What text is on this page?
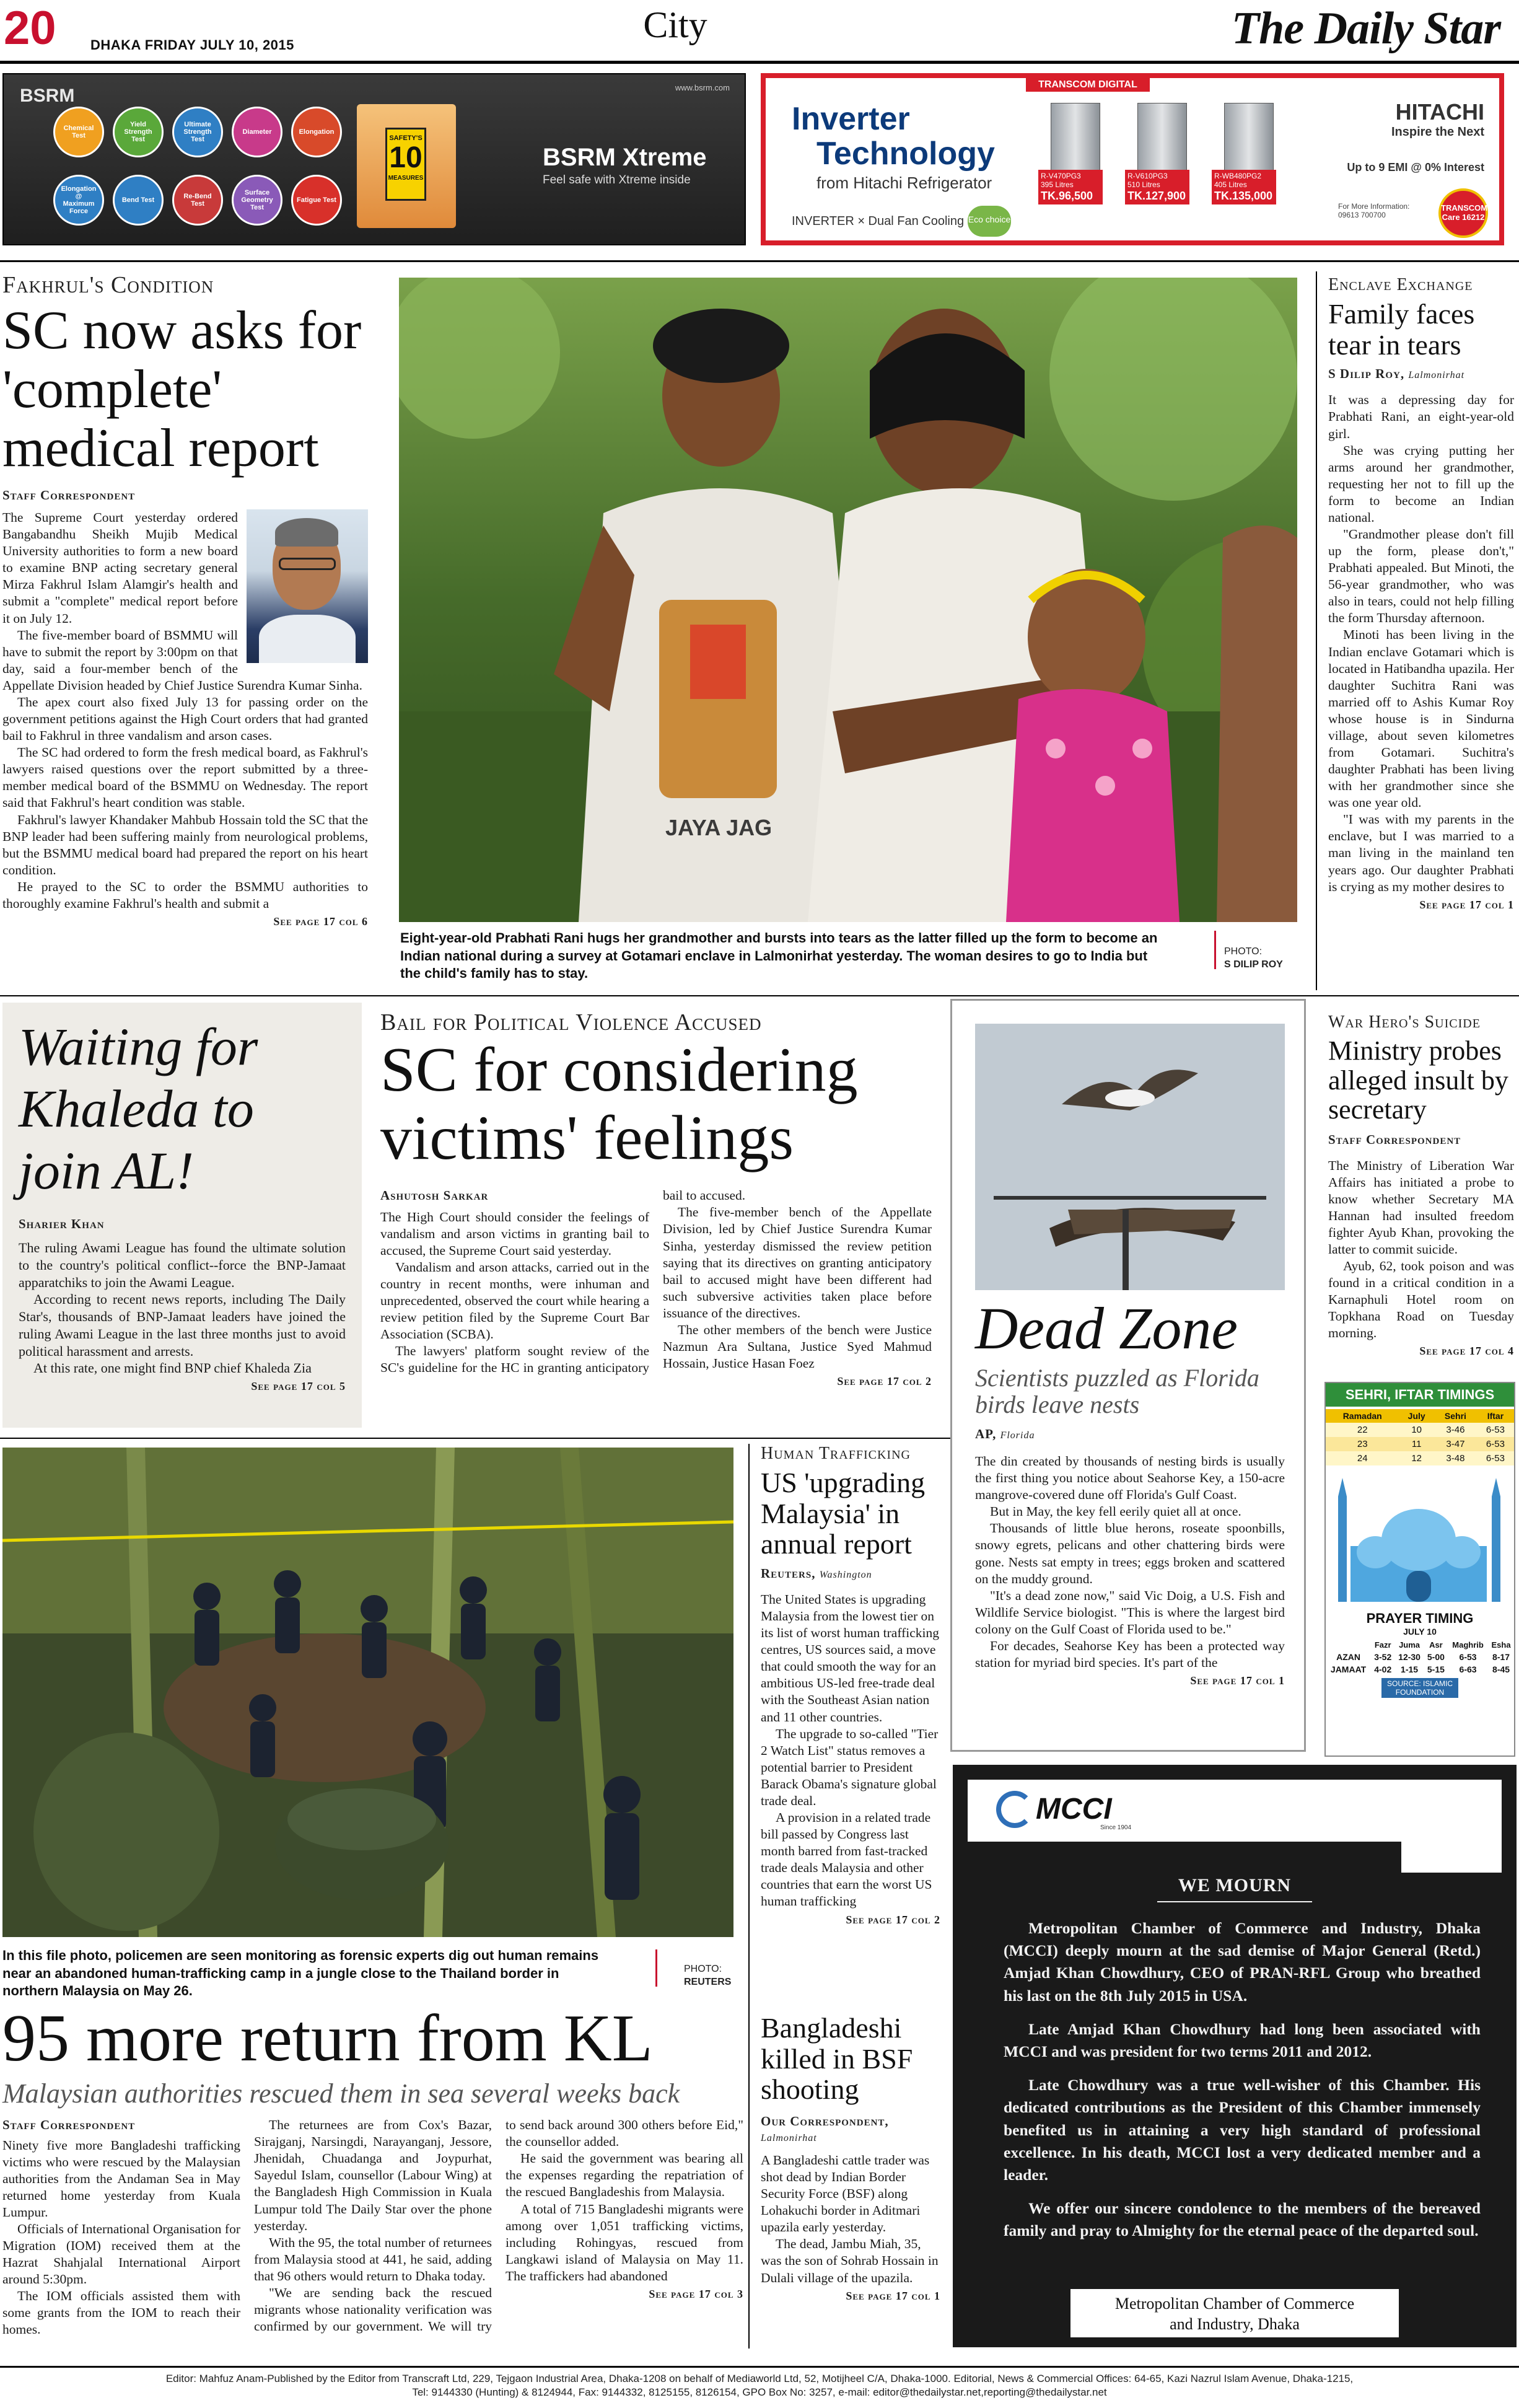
20	DHAKA FRIDAY JULY 10, 2015	City	The Daily Star
BSRM	www.bsrm.com
Chemical Test
Yield Strength Test
Ultimate Strength Test
Diameter	Elongation
Elongation @ Maximum Force
Bend Test
Re-Bend Test
Surface Geometry Test
Fatigue Test
SAFETY'S
10
MEASURES
BSRM Xtreme
Feel safe with Xtreme inside
TRANSCOM DIGITAL
Inverter
Technology
from Hitachi Refrigerator
INVERTER × Dual Fan Cooling Eco choice
R-V470PG3
395 Litres
TK.96,500
R-V610PG3
510 Litres
TK.127,900
R-WB480PG2
405 Litres
TK.135,000
HITACHI
Inspire the Next
Up to 9 EMI @ 0% Interest
For More Information: 09613 700700
TRANSCOM Care 16212
Fakhrul's Condition
SC now asks for 'complete' medical report
Staff Correspondent

The Supreme Court yesterday ordered Bangabandhu Sheikh Mujib Medical University authorities to form a new board to examine BNP acting secretary general Mirza Fakhrul Islam Alamgir's health and submit a "complete" medical report before it on July 12.

The five-member board of BSMMU will have to submit the report by 3:00pm on that day, said a four-member bench of the Appellate Division headed by Chief Justice Surendra Kumar Sinha.

The apex court also fixed July 13 for passing order on the government petitions against the High Court orders that had granted bail to Fakhrul in three vandalism and arson cases.

The SC had ordered to form the fresh medical board, as Fakhrul's lawyers raised questions over the report submitted by a three-member medical board of the BSMMU on Wednesday. The report said that Fakhrul's heart condition was stable.

Fakhrul's lawyer Khandaker Mahbub Hossain told the SC that the BNP leader had been suffering mainly from neurological problems, but the BSMMU medical board had prepared the report on his heart condition.

He prayed to the SC to order the BSMMU authorities to thoroughly examine Fakhrul's health and submit a

See page 17 col 6
JAYA JAG
Eight-year-old Prabhati Rani hugs her grandmother and bursts into tears as the latter filled up the form to become an Indian national during a survey at Gotamari enclave in Lalmonirhat yesterday. The woman desires to go to India but the child's family has to stay.
PHOTO:
S DILIP ROY
Enclave Exchange
Family faces tear in tears
S Dilip Roy, Lalmonirhat

It was a depressing day for Prabhati Rani, an eight-year-old girl.

She was crying putting her arms around her grandmother, requesting her not to fill up the form to become an Indian national.

"Grandmother please don't fill up the form, please don't," Prabhati appealed. But Minoti, the 56-year grandmother, who was also in tears, could not help filling the form Thursday afternoon.

Minoti has been living in the Indian enclave Gotamari which is located in Hatibandha upazila. Her daughter Suchitra Rani was married off to Ashis Kumar Roy whose house is in Sindurna village, about seven kilometres from Gotamari. Suchitra's daughter Prabhati has been living with her grandmother since she was one year old.

"I was with my parents in the enclave, but I was married to a man living in the mainland ten years ago. Our daughter Prabhati is crying as my mother desires to

See page 17 col 1
Waiting for Khaleda to join AL!
Sharier Khan

The ruling Awami League has found the ultimate solution to the country's political conflict--force the BNP-Jamaat apparatchiks to join the Awami League.

According to recent news reports, including The Daily Star's, thousands of BNP-Jamaat leaders have joined the ruling Awami League in the last three months just to avoid political harassment and arrests.

At this rate, one might find BNP chief Khaleda Zia

See page 17 col 5
Bail for Political Violence Accused
SC for considering victims' feelings
Ashutosh Sarkar

The High Court should consider the feelings of vandalism and arson victims in granting bail to accused, the Supreme Court said yesterday.

Vandalism and arson attacks, carried out in the country in recent months, were inhuman and unprecedented, observed the court while hearing a review petition filed by the Supreme Court Bar Association (SCBA).

The lawyers' platform sought review of the SC's guideline for the HC in granting anticipatory bail to accused.

The five-member bench of the Appellate Division, led by Chief Justice Surendra Kumar Sinha, yesterday dismissed the review petition saying that its directives on granting anticipatory bail to accused might have been different had such subversive activities taken place before issuance of the directives.

The other members of the bench were Justice Nazmun Ara Sultana, Justice Syed Mahmud Hossain, Justice Hasan Foez

See page 17 col 2
Dead Zone
Scientists puzzled as Florida birds leave nests
AP, Florida

The din created by thousands of nesting birds is usually the first thing you notice about Seahorse Key, a 150-acre mangrove-covered dune off Florida's Gulf Coast.

But in May, the key fell eerily quiet all at once.

Thousands of little blue herons, roseate spoonbills, snowy egrets, pelicans and other chattering birds were gone. Nests sat empty in trees; eggs broken and scattered on the muddy ground.

"It's a dead zone now," said Vic Doig, a U.S. Fish and Wildlife Service biologist. "This is where the largest bird colony on the Gulf Coast of Florida used to be."

For decades, Seahorse Key has been a protected way station for myriad bird species. It's part of the

See page 17 col 1
War Hero's Suicide
Ministry probes alleged insult by secretary
Staff Correspondent

The Ministry of Liberation War Affairs has initiated a probe to know whether Secretary MA Hannan had insulted freedom fighter Ayub Khan, provoking the latter to commit suicide.

Ayub, 62, took poison and was found in a critical condition in a Karnaphuli Hotel room on Topkhana Road on Tuesday morning.

See page 17 col 4
SEHRI, IFTAR TIMINGS
Ramadan	July	Sehri	Iftar
22	10	3-46	6-53
23	11	3-47	6-53
24	12	3-48	6-53
PRAYER TIMING
JULY 10
	Fazr	Juma	Asr	Maghrib	Esha
AZAN	3-52	12-30	5-00	6-53	8-17
JAMAAT	4-02	1-15	5-15	6-63	8-45
SOURCE: ISLAMIC FOUNDATION
In this file photo, policemen are seen monitoring as forensic experts dig out human remains near an abandoned human-trafficking camp in a jungle close to the Thailand border in northern Malaysia on May 26.
PHOTO:
REUTERS
Human Trafficking
US 'upgrading Malaysia' in annual report
Reuters, Washington

The United States is upgrading Malaysia from the lowest tier on its list of worst human trafficking centres, US sources said, a move that could smooth the way for an ambitious US-led free-trade deal with the Southeast Asian nation and 11 other countries.

The upgrade to so-called "Tier 2 Watch List" status removes a potential barrier to President Barack Obama's signature global trade deal.

A provision in a related trade bill passed by Congress last month barred from fast-tracked trade deals Malaysia and other countries that earn the worst US human trafficking

See page 17 col 2
95 more return from KL
Malaysian authorities rescued them in sea several weeks back
Staff Correspondent

Ninety five more Bangladeshi trafficking victims who were rescued by the Malaysian authorities from the Andaman Sea in May returned home yesterday from Kuala Lumpur.

Officials of International Organisation for Migration (IOM) received them at the Hazrat Shahjalal International Airport around 5:30pm.

The IOM officials assisted them with some grants from the IOM to reach their homes.

The returnees are from Cox's Bazar, Sirajganj, Narsingdi, Narayanganj, Jessore, Jhenidah, Chuadanga and Joypurhat, Sayedul Islam, counsellor (Labour Wing) at the Bangladesh High Commission in Kuala Lumpur told The Daily Star over the phone yesterday.

With the 95, the total number of returnees from Malaysia stood at 441, he said, adding that 96 others would return to Dhaka today.

"We are sending back the rescued migrants whose nationality verification was confirmed by our government. We will try to send back around 300 others before Eid," the counsellor added.

He said the government was bearing all the expenses regarding the repatriation of the rescued Bangladeshis from Malaysia.

A total of 715 Bangladeshi migrants were among over 1,051 trafficking victims, including Rohingyas, rescued from Langkawi island of Malaysia on May 11. The traffickers had abandoned

See page 17 col 3
Bangladeshi killed in BSF shooting
Our Correspondent,
Lalmonirhat

A Bangladeshi cattle trader was shot dead by Indian Border Security Force (BSF) along Lohakuchi border in Aditmari upazila early yesterday.

The dead, Jambu Miah, 35, was the son of Sohrab Hossain in Dulali village of the upazila.

See page 17 col 1
MCCI
Since 1904
WE MOURN

Metropolitan Chamber of Commerce and Industry, Dhaka (MCCI) deeply mourn at the sad demise of Major General (Retd.) Amjad Khan Chowdhury, CEO of PRAN-RFL Group who breathed his last on the 8th July 2015 in USA.

Late Amjad Khan Chowdhury had long been associated with MCCI and was president for two terms 2011 and 2012.

Late Chowdhury was a true well-wisher of this Chamber. His dedicated contributions as the President of this Chamber immensely benefited us in attaining a very high standard of professional excellence. In his death, MCCI lost a very dedicated member and a leader.

We offer our sincere condolence to the members of the bereaved family and pray to Almighty for the eternal peace of the departed soul.

Metropolitan Chamber of Commerce
and Industry, Dhaka
Editor: Mahfuz Anam-Published by the Editor from Transcraft Ltd, 229, Tejgaon Industrial Area, Dhaka-1208 on behalf of Mediaworld Ltd, 52, Motijheel C/A, Dhaka-1000. Editorial, News & Commercial Offices: 64-65, Kazi Nazrul Islam Avenue, Dhaka-1215,
Tel: 9144330 (Hunting) & 8124944, Fax: 9144332, 8125155, 8126154, GPO Box No: 3257, e-mail: editor@thedailystar.net,reporting@thedailystar.net
